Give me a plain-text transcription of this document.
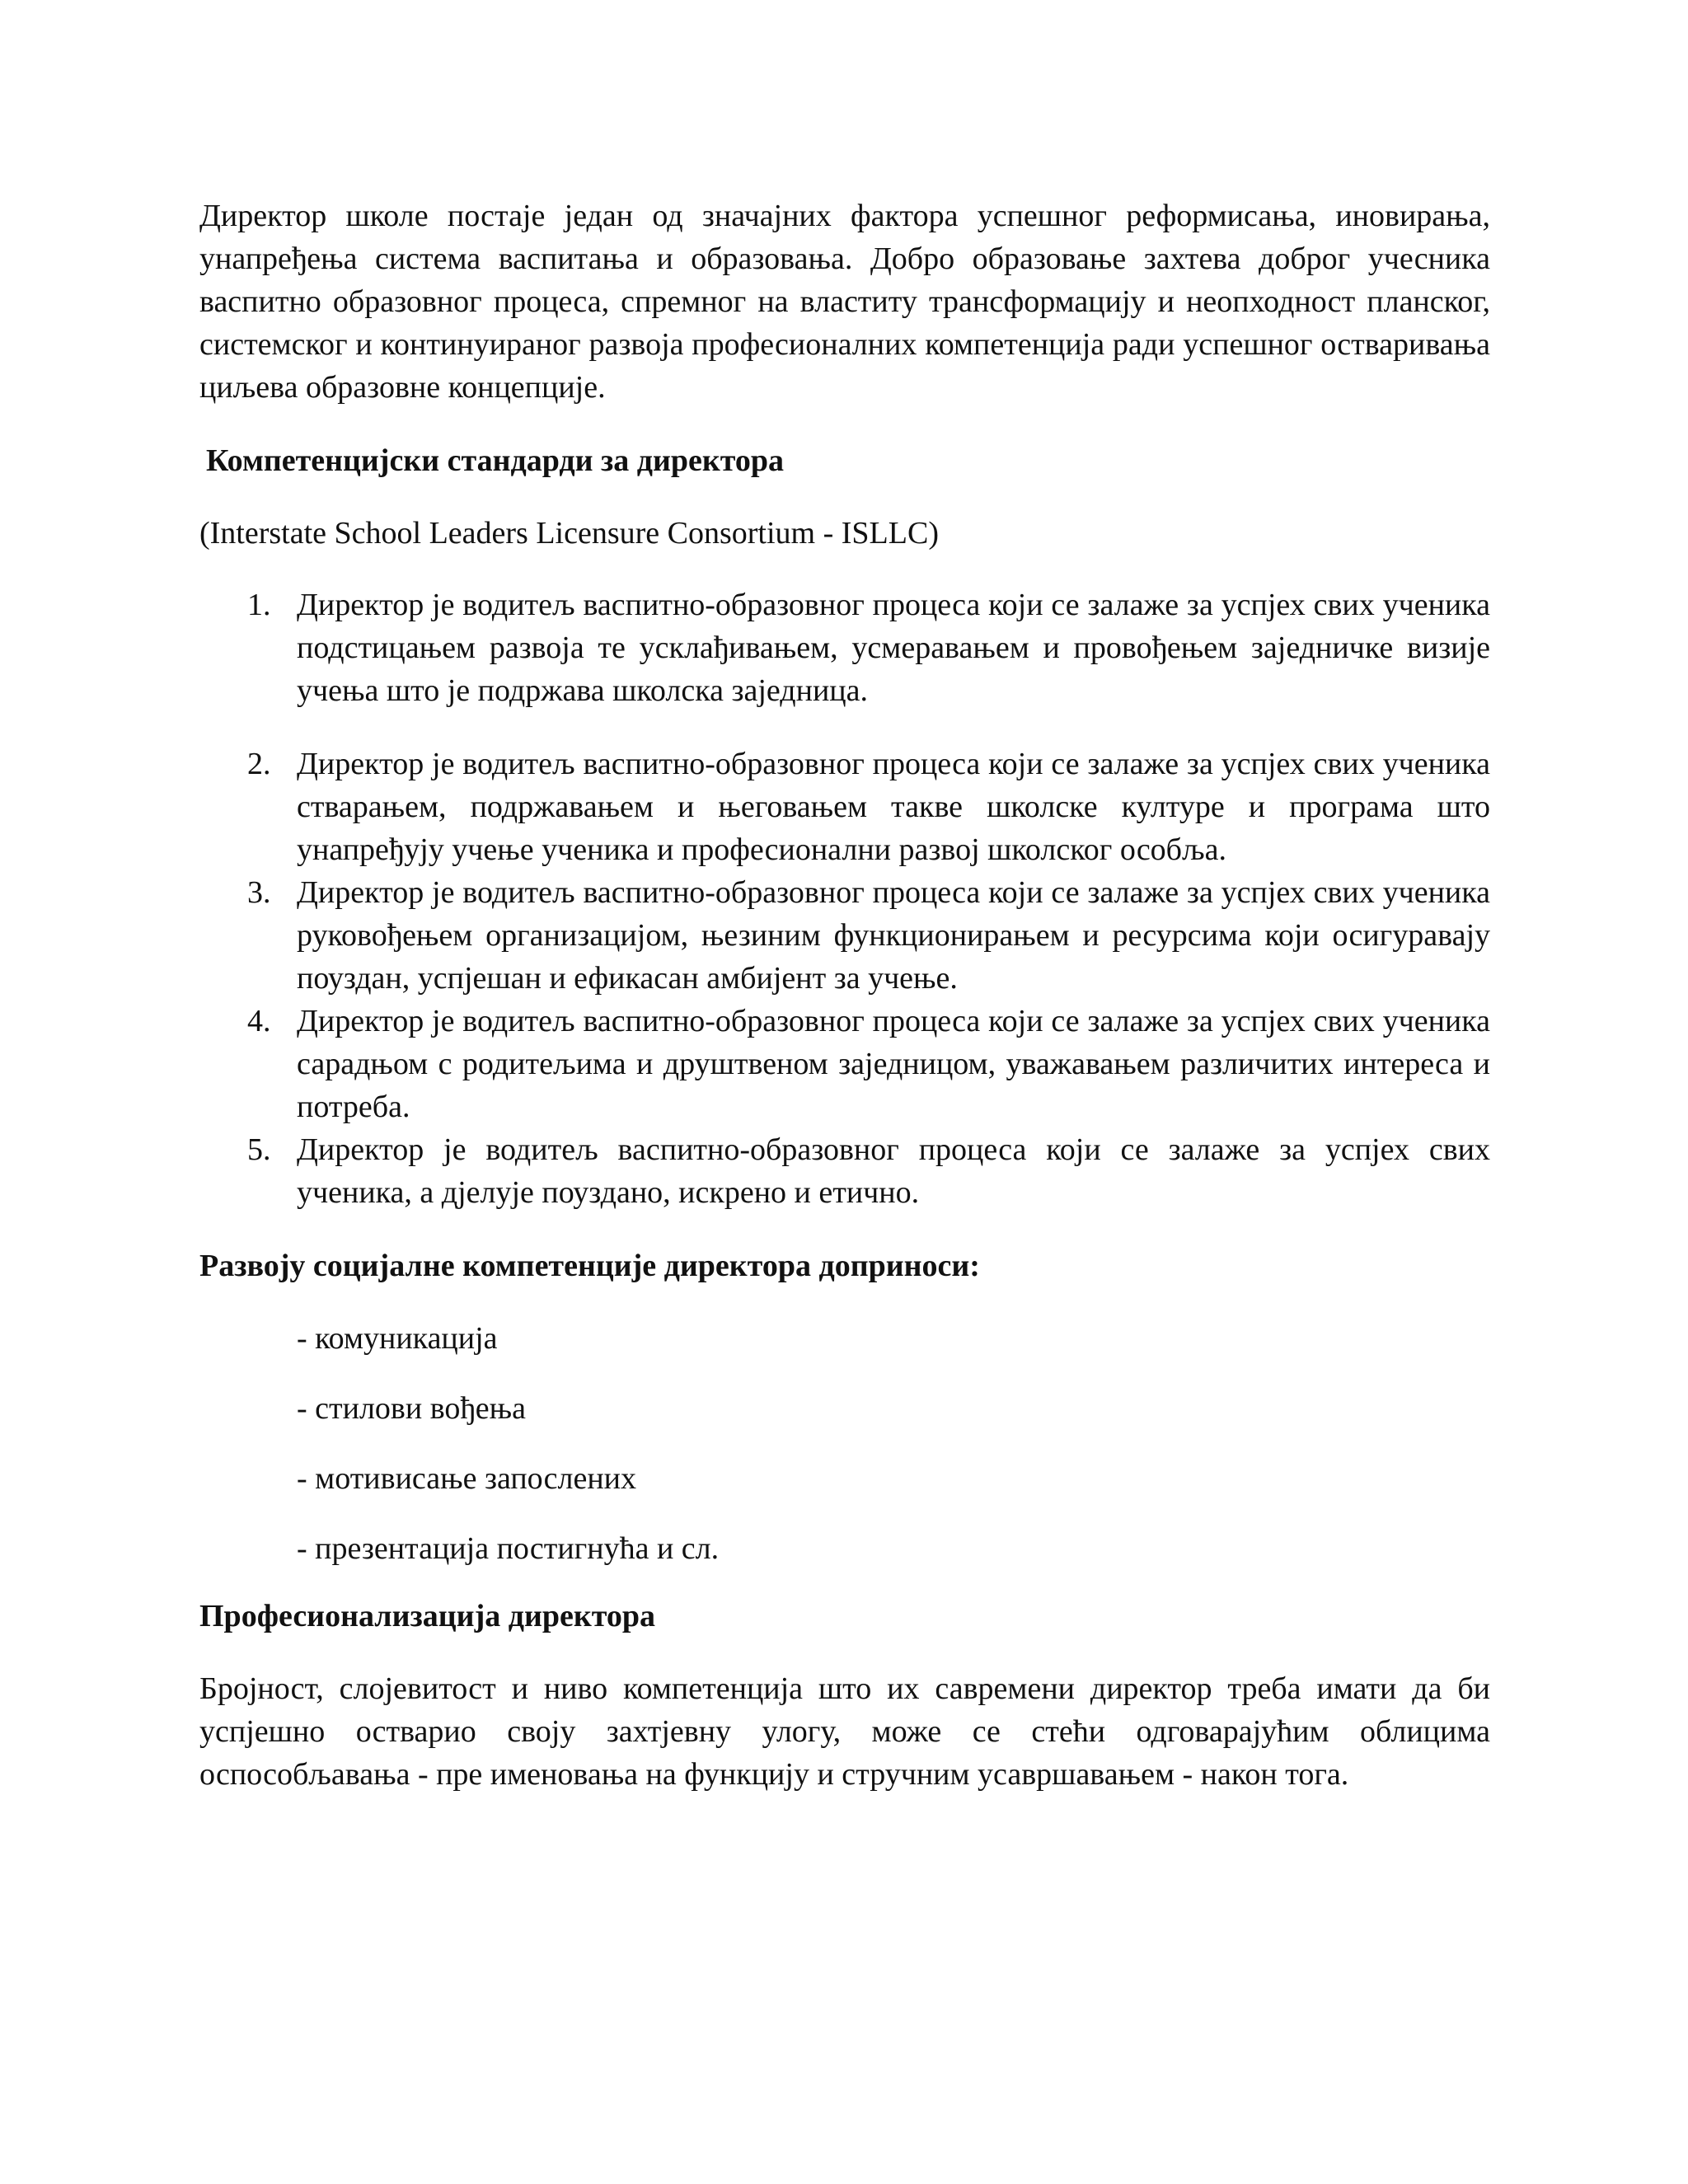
Директор школе постаје један од значајних фактора успешног реформисања, иновирања, унапређења система васпитања и образовања. Добро образовање захтева доброг учесника васпитно образовног процеса, спремног на властиту трансформацију и неопходност планског, системског и континуираног развоја професионалних компетенција ради успешног остваривања циљева образовне концепције.

Компетенцијски стандарди за директора

(Interstate School Leaders Licensure Consortium - ISLLC)

1. Директор је водитељ васпитно-образовног процеса који се залаже за успјех свих ученика подстицањем развоја те усклађивањем, усмеравањем и провођењем заједничке визије учења што је подржава школска заједница.
2. Директор је водитељ васпитно-образовног процеса који се залаже за успјех свих ученика стварањем, подржавањем и његовањем такве школске културе и програма што унапређују учење ученика и професионални развој школског особља.
3. Директор је водитељ васпитно-образовног процеса који се залаже за успјех свих ученика руковођењем организацијом, њезиним функционирањем и ресурсима који осигуравају поуздан, успјешан и ефикасан амбијент за учење.
4. Директор је водитељ васпитно-образовног процеса који се залаже за успјех свих ученика сарадњом с родитељима и друштвеном заједницом, уважавањем различитих интереса и потреба.
5. Директор је водитељ васпитно-образовног процеса који се залаже за успјех свих ученика, а дјелује поуздано, искрено и етично.

Развоју социјалне компетенције директора доприноси:

- комуникација
- стилови вођења
- мотивисање запослених
- презентација постигнућа и сл.

Професионализација директора

Бројност, слојевитост и ниво компетенција што их савремени директор треба имати да би успјешно остварио своју захтјевну улогу, може се стећи одговарајућим облицима оспособљавања - пре именовања на функцију и стручним усавршавањем - након тога.
